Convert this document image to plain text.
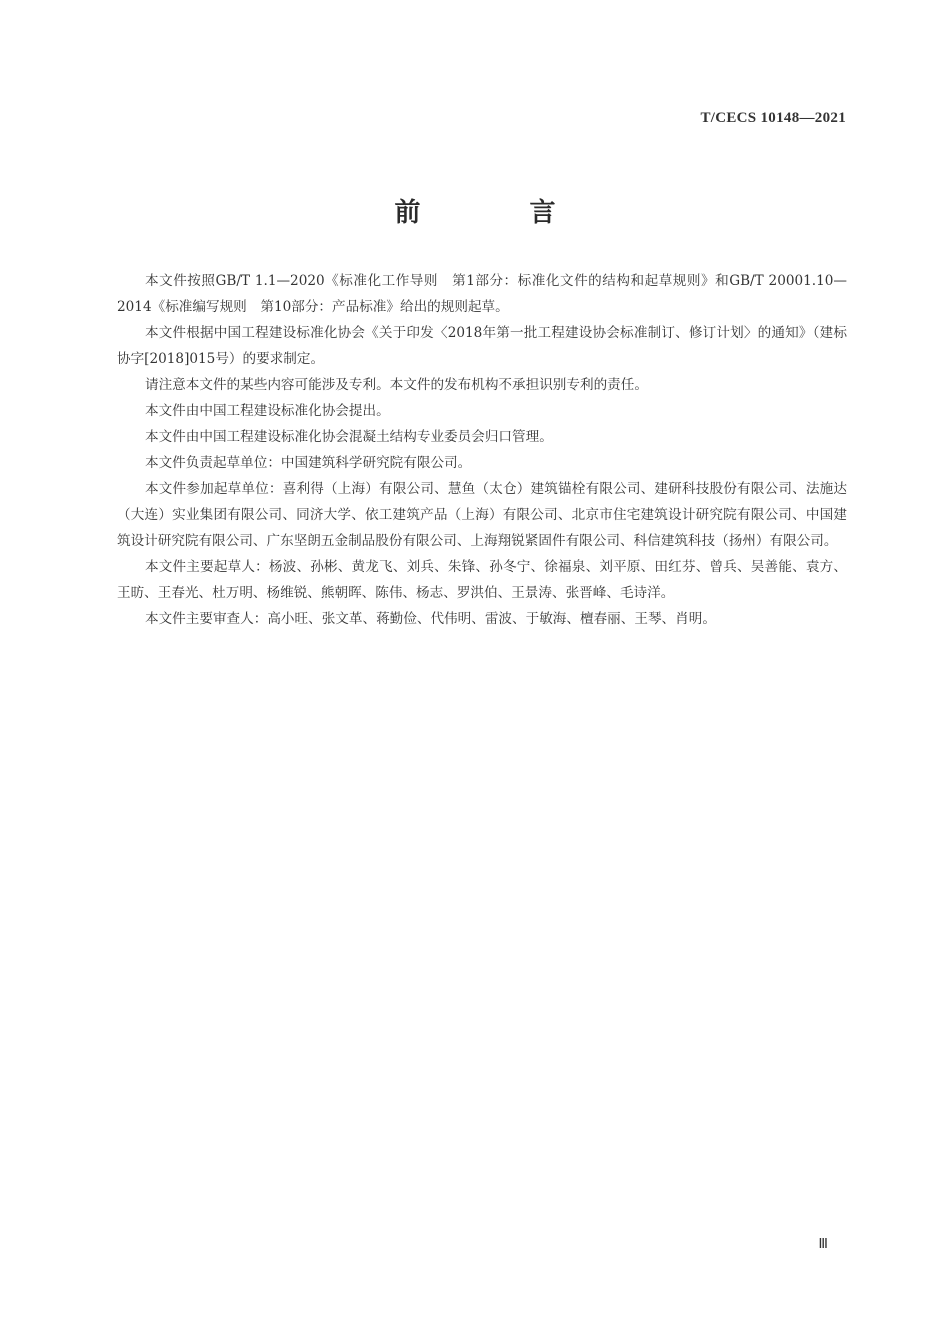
T/CECS 10148—2021
前 言

本文件按照GB/T 1.1—2020《标准化工作导则　第1部分：标准化文件的结构和起草规则》和GB/T 20001.10—2014《标准编写规则　第10部分：产品标准》给出的规则起草。

本文件根据中国工程建设标准化协会《关于印发〈2018年第一批工程建设协会标准制订、修订计划〉的通知》（建标协字[2018]015号）的要求制定。

请注意本文件的某些内容可能涉及专利。本文件的发布机构不承担识别专利的责任。

本文件由中国工程建设标准化协会提出。

本文件由中国工程建设标准化协会混凝土结构专业委员会归口管理。

本文件负责起草单位：中国建筑科学研究院有限公司。

本文件参加起草单位：喜利得（上海）有限公司、慧鱼（太仓）建筑锚栓有限公司、建研科技股份有限公司、法施达（大连）实业集团有限公司、同济大学、依工建筑产品（上海）有限公司、北京市住宅建筑设计研究院有限公司、中国建筑设计研究院有限公司、广东坚朗五金制品股份有限公司、上海翔锐紧固件有限公司、科信建筑科技（扬州）有限公司。

本文件主要起草人：杨波、孙彬、黄龙飞、刘兵、朱锋、孙冬宁、徐福泉、刘平原、田红芬、曾兵、吴善能、袁方、王昉、王春光、杜万明、杨维锐、熊朝晖、陈伟、杨志、罗洪伯、王景涛、张晋峰、毛诗洋。

本文件主要审查人：高小旺、张文革、蒋勤俭、代伟明、雷波、于敏海、檀春丽、王琴、肖明。

Ⅲ
